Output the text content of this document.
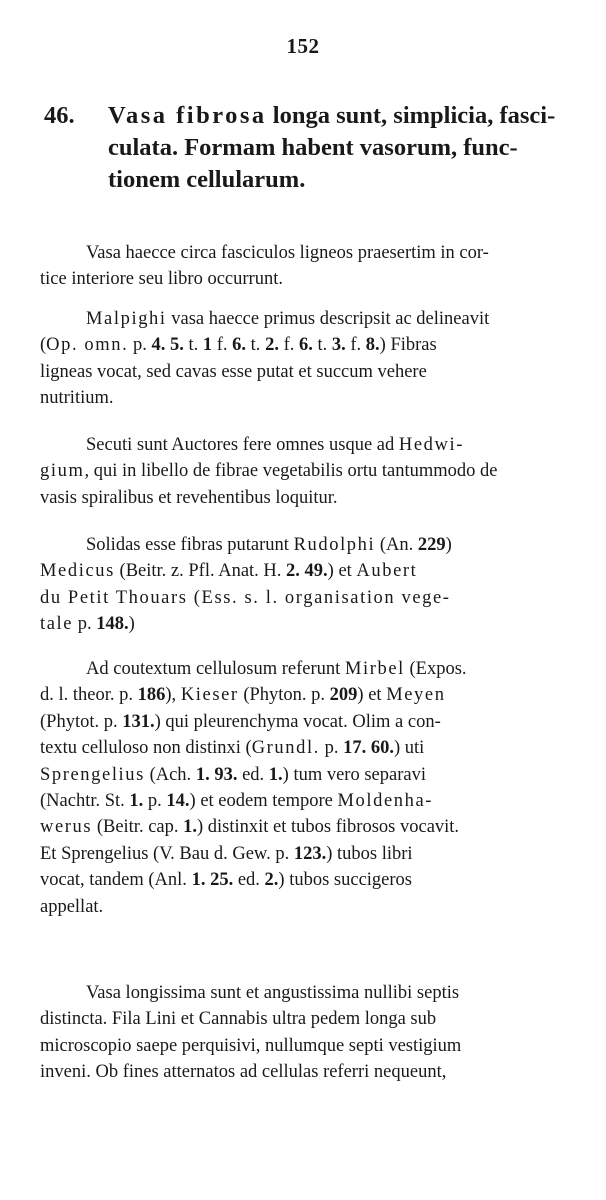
152
46. Vasa fibrosa longa sunt, simplicia, fasci-
culata. Formam habent vasorum, func-
tionem cellularum.
Vasa haecce circa fasciculos ligneos praesertim in cor-
tice interiore seu libro occurrunt.
Malpighi vasa haecce primus descripsit ac delineavit
(Op. omn. p. 4. 5. t. 1 f. 6. t. 2. f. 6. t. 3. f. 8.) Fibras
ligneas vocat, sed cavas esse putat et succum vehere
nutritium.
Secuti sunt Auctores fere omnes usque ad Hedwi-
gium, qui in libello de fibrae vegetabilis ortu tantummodo de
vasis spiralibus et revehentibus loquitur.
Solidas esse fibras putarunt Rudolphi (An. 229)
Medicus (Beitr. z. Pfl. Anat. H. 2. 49.) et Aubert
du Petit Thouars (Ess. s. l. organisation vege-
tale p. 148.)
Ad coutextum cellulosum referunt Mirbel (Expos.
d. l. theor. p. 186), Kieser (Phyton. p. 209) et Meyen
(Phytot. p. 131.) qui pleurenchyma vocat. Olim a con-
textu celluloso non distinxi (Grundl. p. 17. 60.) uti
Sprengelius (Ach. 1. 93. ed. 1.) tum vero separavi
(Nachtr. St. 1. p. 14.) et eodem tempore Moldenha-
werus (Beitr. cap. 1.) distinxit et tubos fibrosos vocavit.
Et Sprengelius (V. Bau d. Gew. p. 123.) tubos libri
vocat, tandem (Anl. 1. 25. ed. 2.) tubos succigeros
appellat.
Vasa longissima sunt et angustissima nullibi septis
distincta. Fila Lini et Cannabis ultra pedem longa sub
microscopio saepe perquisivi, nullumque septi vestigium
inveni. Ob fines atternatos ad cellulas referri nequeunt,
